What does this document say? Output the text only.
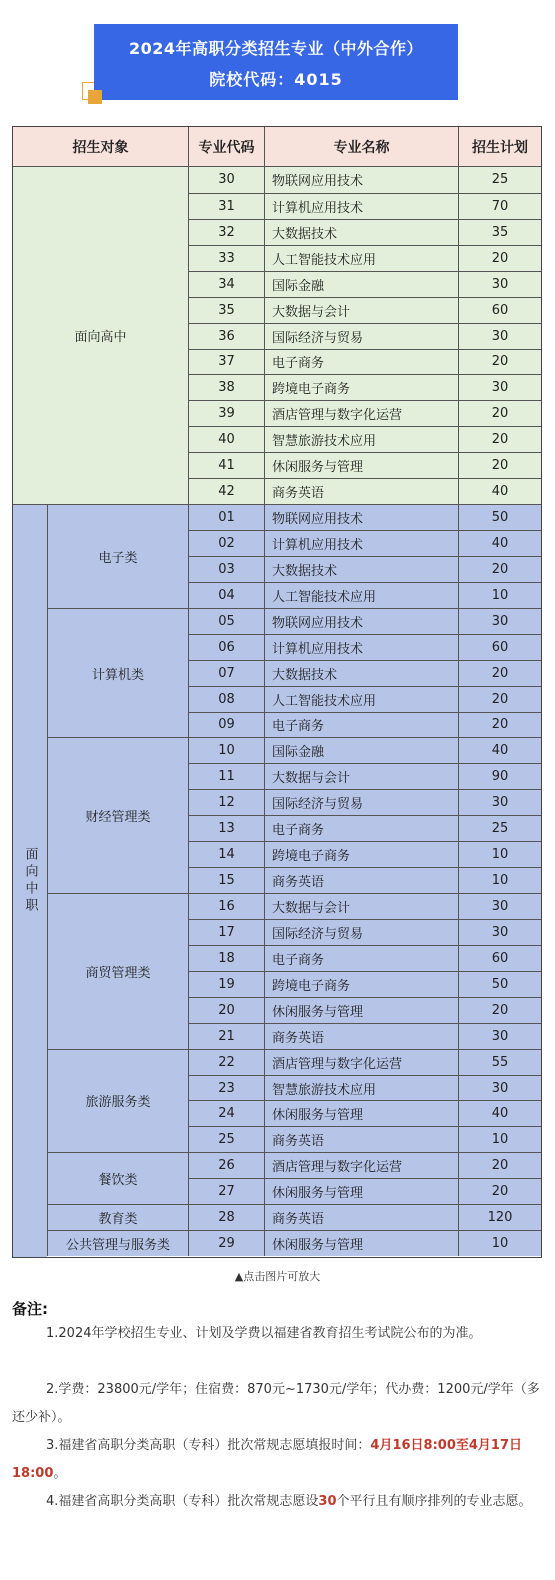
2024年高职分类招生专业（中外合作）
院校代码：4015
招生对象	专业代码	专业名称	招生计划
面向高中
30	物联网应用技术	25
31	计算机应用技术	70
32	大数据技术	35
33	人工智能技术应用	20
34	国际金融	30
35	大数据与会计	60
36	国际经济与贸易	30
37	电子商务	20
38	跨境电子商务	30
39	酒店管理与数字化运营	20
40	智慧旅游技术应用	20
41	休闲服务与管理	20
42	商务英语	40
面向中职
电子类
01	物联网应用技术	50
02	计算机应用技术	40
03	大数据技术	20
04	人工智能技术应用	10
计算机类
05	物联网应用技术	30
06	计算机应用技术	60
07	大数据技术	20
08	人工智能技术应用	20
09	电子商务	20
财经管理类
10	国际金融	40
11	大数据与会计	90
12	国际经济与贸易	30
13	电子商务	25
14	跨境电子商务	10
15	商务英语	10
商贸管理类
16	大数据与会计	30
17	国际经济与贸易	30
18	电子商务	60
19	跨境电子商务	50
20	休闲服务与管理	20
21	商务英语	30
旅游服务类
22	酒店管理与数字化运营	55
23	智慧旅游技术应用	30
24	休闲服务与管理	40
25	商务英语	10
餐饮类
26	酒店管理与数字化运营	20
27	休闲服务与管理	20
教育类	28	商务英语	120
公共管理与服务类	29	休闲服务与管理	10
▲点击图片可放大
备注:
1.2024年学校招生专业、计划及学费以福建省教育招生考试院公布的为准。
2.学费：23800元/学年；住宿费：870元~1730元/学年；代办费：1200元/学年（多还少补）。
3.福建省高职分类高职（专科）批次常规志愿填报时间：4月16日8:00至4月17日18:00。
4.福建省高职分类高职（专科）批次常规志愿设30个平行且有顺序排列的专业志愿。
